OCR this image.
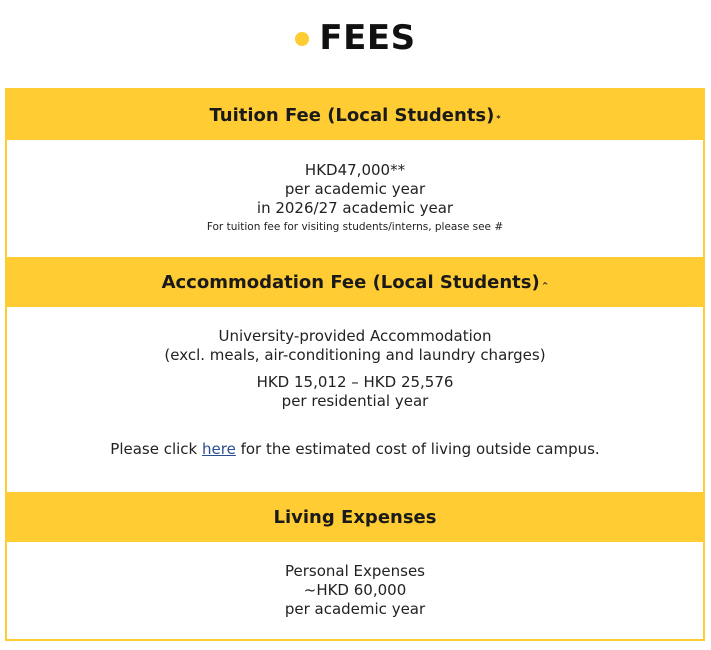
FEES
Tuition Fee (Local Students) *
HKD47,000**
per academic year
in 2026/27 academic year
For tuition fee for visiting students/interns, please see #
Accommodation Fee (Local Students) ^
University-provided Accommodation
(excl. meals, air-conditioning and laundry charges)
HKD 15,012 – HKD 25,576
per residential year
Please click here for the estimated cost of living outside campus.
Living Expenses
Personal Expenses
~HKD 60,000
per academic year
